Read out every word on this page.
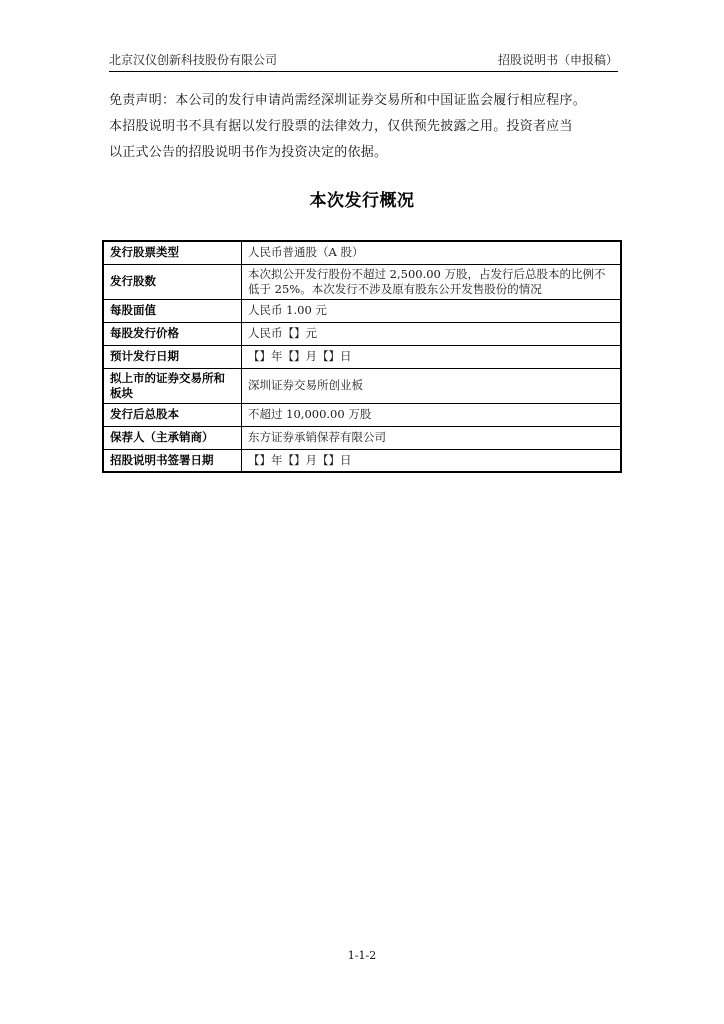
北京汉仪创新科技股份有限公司	招股说明书（申报稿）
免责声明：本公司的发行申请尚需经深圳证券交易所和中国证监会履行相应程序。
本招股说明书不具有据以发行股票的法律效力，仅供预先披露之用。投资者应当
以正式公告的招股说明书作为投资决定的依据。
本次发行概况
发行股票类型	人民币普通股（A 股）
发行股数	本次拟公开发行股份不超过 2,500.00 万股，占发行后总股本的比例不低于 25%。本次发行不涉及原有股东公开发售股份的情况
每股面值	人民币 1.00 元
每股发行价格	人民币【】元
预计发行日期	【】年【】月【】日
拟上市的证券交易所和板块	深圳证券交易所创业板
发行后总股本	不超过 10,000.00 万股
保荐人（主承销商）	东方证券承销保荐有限公司
招股说明书签署日期	【】年【】月【】日
1-1-2
